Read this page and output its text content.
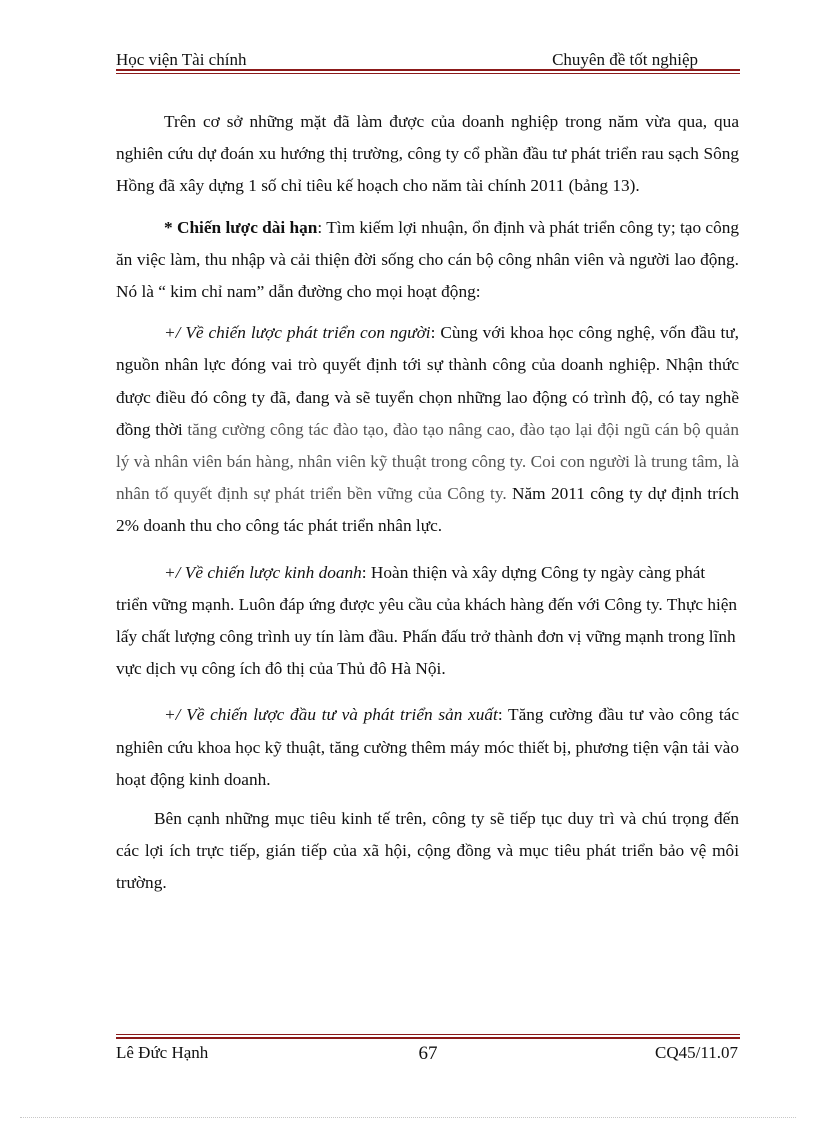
Học viện Tài chính	Chuyên đề tốt nghiệp

Trên cơ sở những mặt đã làm được của doanh nghiệp trong năm vừa qua, qua nghiên cứu dự đoán xu hướng thị trường, công ty cổ phần đầu tư phát triển rau sạch Sông Hồng đã xây dựng 1 số chỉ tiêu kế hoạch cho năm tài chính 2011 (bảng 13).

* Chiến lược dài hạn: Tìm kiếm lợi nhuận, ổn định và phát triển công ty; tạo công ăn việc làm, thu nhập và cải thiện đời sống cho cán bộ công nhân viên và người lao động. Nó là “ kim chỉ nam” dẫn đường cho mọi hoạt động:

+/ Về chiến lược phát triển con người: Cùng với khoa học công nghệ, vốn đầu tư, nguồn nhân lực đóng vai trò quyết định tới sự thành công của doanh nghiệp. Nhận thức được điều đó công ty đã, đang và sẽ tuyển chọn những lao động có trình độ, có tay nghề đồng thời tăng cường công tác đào tạo, đào tạo nâng cao, đào tạo lại đội ngũ cán bộ quản lý và nhân viên bán hàng, nhân viên kỹ thuật trong công ty. Coi con người là trung tâm, là nhân tố quyết định sự phát triển bền vững của Công ty. Năm 2011 công ty dự định trích 2% doanh thu cho công tác phát triển nhân lực.

+/ Về chiến lược kinh doanh: Hoàn thiện và xây dựng Công ty ngày càng phát triển vững mạnh. Luôn đáp ứng được yêu cầu của khách hàng đến với Công ty. Thực hiện lấy chất lượng công trình uy tín làm đầu. Phấn đấu trở thành đơn vị vững mạnh trong lĩnh vực dịch vụ công ích đô thị của Thủ đô Hà Nội.

+/ Về chiến lược đầu tư và phát triển sản xuất: Tăng cường đầu tư vào công tác nghiên cứu khoa học kỹ thuật, tăng cường thêm máy móc thiết bị, phương tiện vận tải vào hoạt động kinh doanh.

Bên cạnh những mục tiêu kinh tế trên, công ty sẽ tiếp tục duy trì và chú trọng đến các lợi ích trực tiếp, gián tiếp của xã hội, cộng đồng và mục tiêu phát triển bảo vệ môi trường.

Lê Đức Hạnh	67	CQ45/11.07
